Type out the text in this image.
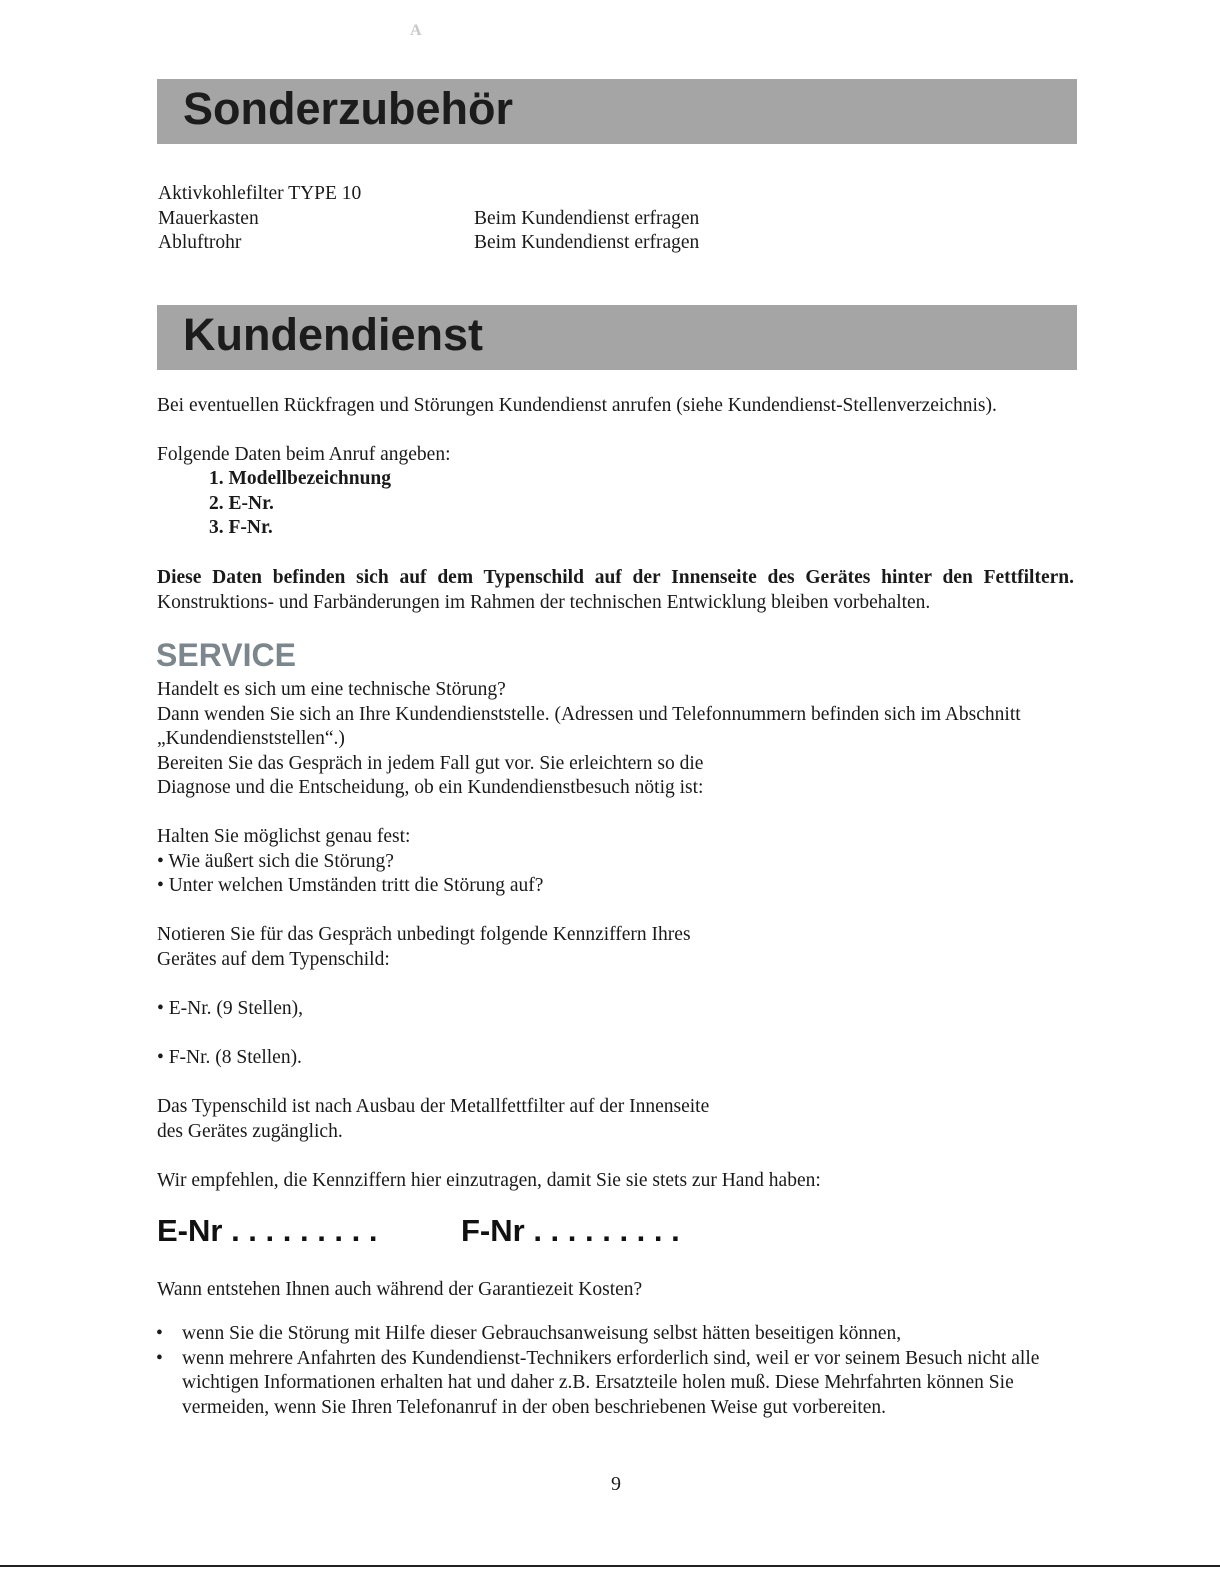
A
Sonderzubehör
Aktivkohlefilter TYPE 10
Mauerkasten	Beim Kundendienst erfragen
Abluftrohr	Beim Kundendienst erfragen
Kundendienst
Bei eventuellen Rückfragen und Störungen Kundendienst anrufen (siehe Kundendienst-Stellenverzeichnis).
Folgende Daten beim Anruf angeben:
1. Modellbezeichnung
2. E-Nr.
3. F-Nr.
Diese Daten befinden sich auf dem Typenschild auf der Innenseite des Gerätes hinter den Fettfiltern.
Konstruktions- und Farbänderungen im Rahmen der technischen Entwicklung bleiben vorbehalten.
SERVICE
Handelt es sich um eine technische Störung?
Dann wenden Sie sich an Ihre Kundendienststelle. (Adressen und Telefonnummern befinden sich im Abschnitt
„Kundendienststellen“.)
Bereiten Sie das Gespräch in jedem Fall gut vor. Sie erleichtern so die
Diagnose und die Entscheidung, ob ein Kundendienstbesuch nötig ist:
Halten Sie möglichst genau fest:
• Wie äußert sich die Störung?
• Unter welchen Umständen tritt die Störung auf?
Notieren Sie für das Gespräch unbedingt folgende Kennziffern Ihres
Gerätes auf dem Typenschild:
• E-Nr. (9 Stellen),
• F-Nr. (8 Stellen).
Das Typenschild ist nach Ausbau der Metallfettfilter auf der Innenseite
des Gerätes zugänglich.
Wir empfehlen, die Kennziffern hier einzutragen, damit Sie sie stets zur Hand haben:
E-Nr . . . . . . . . .	F-Nr . . . . . . . . .
Wann entstehen Ihnen auch während der Garantiezeit Kosten?
• wenn Sie die Störung mit Hilfe dieser Gebrauchsanweisung selbst hätten beseitigen können,
• wenn mehrere Anfahrten des Kundendienst-Technikers erforderlich sind, weil er vor seinem Besuch nicht alle wichtigen Informationen erhalten hat und daher z.B. Ersatzteile holen muß. Diese Mehrfahrten können Sie vermeiden, wenn Sie Ihren Telefonanruf in der oben beschriebenen Weise gut vorbereiten.
9
